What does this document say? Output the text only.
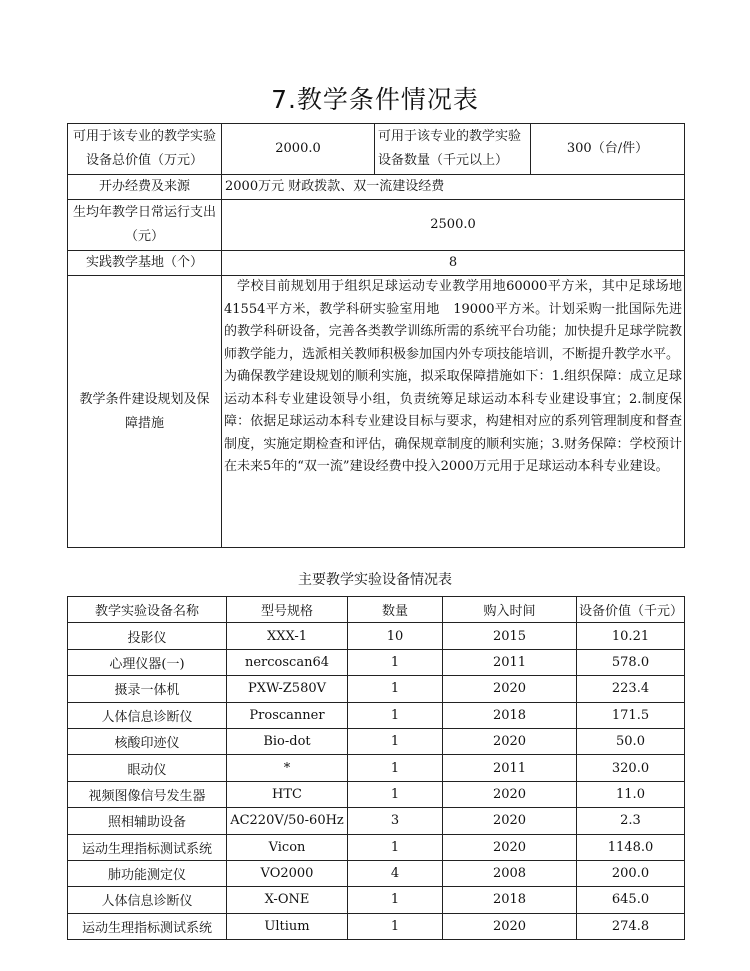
7.教学条件情况表
可用于该专业的教学实验设备总价值（万元）	2000.0	可用于该专业的教学实验设备数量（千元以上）	300（台/件）
开办经费及来源	2000万元 财政拨款、双一流建设经费		
生均年教学日常运行支出（元）	2500.0		
实践教学基地（个）	8		
教学条件建设规划及保障措施	学校目前规划用于组织足球运动专业教学用地60000平方米，其中足球场地41554平方米，教学科研实验室用地　19000平方米。计划采购一批国际先进的教学科研设备，完善各类教学训练所需的系统平台功能；加快提升足球学院教师教学能力，选派相关教师积极参加国内外专项技能培训，不断提升教学水平。
为确保教学建设规划的顺利实施，拟采取保障措施如下：1.组织保障：成立足球运动本科专业建设领导小组，负责统筹足球运动本科专业建设事宜；2.制度保障：依据足球运动本科专业建设目标与要求，构建相对应的系列管理制度和督查制度，实施定期检查和评估，确保规章制度的顺利实施；3.财务保障：学校预计在未来5年的“双一流”建设经费中投入2000万元用于足球运动本科专业建设。		
主要教学实验设备情况表
教学实验设备名称	型号规格	数量	购入时间	设备价值（千元）
投影仪	XXX-1	10	2015	10.21
心理仪器(一)	nercoscan64	1	2011	578.0
摄录一体机	PXW-Z580V	1	2020	223.4
人体信息诊断仪	Proscanner	1	2018	171.5
核酸印迹仪	Bio-dot	1	2020	50.0
眼动仪	*	1	2011	320.0
视频图像信号发生器	HTC	1	2020	11.0
照相辅助设备	AC220V/50-60Hz	3	2020	2.3
运动生理指标测试系统	Vicon	1	2020	1148.0
肺功能测定仪	VO2000	4	2008	200.0
人体信息诊断仪	X-ONE	1	2018	645.0
运动生理指标测试系统	Ultium	1	2020	274.8
